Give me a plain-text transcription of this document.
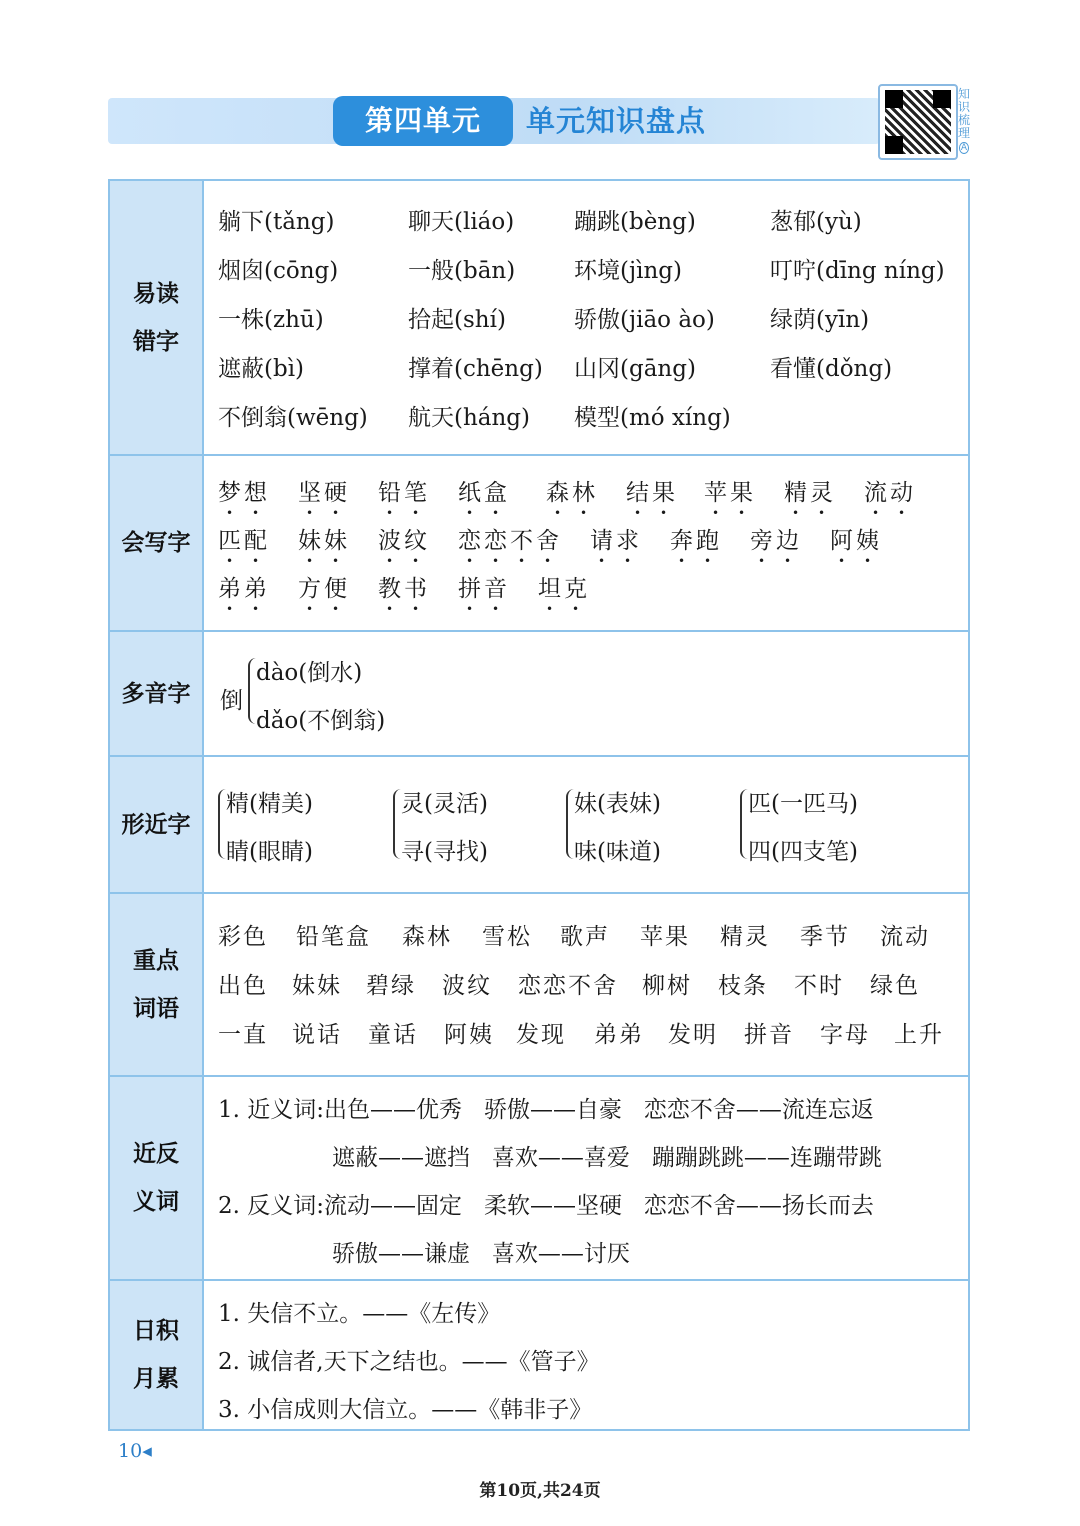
第四单元	单元知识盘点
知识梳理
A
易读
错字
躺下(tǎng)	聊天(liáo)	蹦跳(bèng)	葱郁(yù)
烟囱(cōng)	一般(bān)	环境(jìng)	叮咛(dīng níng)
一株(zhū)	拾起(shí)	骄傲(jiāo ào) 绿荫(yīn)
遮蔽(bì)	撑着(chēng) 山冈(gāng)	看懂(dǒng)
不倒翁(wēng) 航天(háng) 模型(mó xíng)
会写字
梦想 坚硬 铅笔 纸盒 森林 结果 苹果 精灵 流动
匹配 妹妹 波纹 恋恋不舍 请求 奔跑 旁边 阿姨
弟弟 方便 教书 拼音 坦克
多音字	倒
dào(倒水)
dǎo(不倒翁)
形近字
精(精美)
睛(眼睛)
灵(灵活)
寻(寻找)
妹(表妹)
味(味道)
匹(一匹马)
四(四支笔)
重点
词语
彩色 铅笔盒 森林 雪松 歌声 苹果 精灵 季节 流动
出色 妹妹 碧绿 波纹 恋恋不舍 柳树 枝条 不时 绿色
一直 说话 童话 阿姨 发现 弟弟 发明 拼音 字母 上升
近反
义词
1. 近义词:出色——优秀   骄傲——自豪   恋恋不舍——流连忘返
遮蔽——遮挡   喜欢——喜爱   蹦蹦跳跳——连蹦带跳
2. 反义词:流动——固定   柔软——坚硬   恋恋不舍——扬长而去
骄傲——谦虚   喜欢——讨厌
日积
月累
1. 失信不立。——《左传》
2. 诚信者,天下之结也。——《管子》
3. 小信成则大信立。——《韩非子》
10◂
第10页,共24页
